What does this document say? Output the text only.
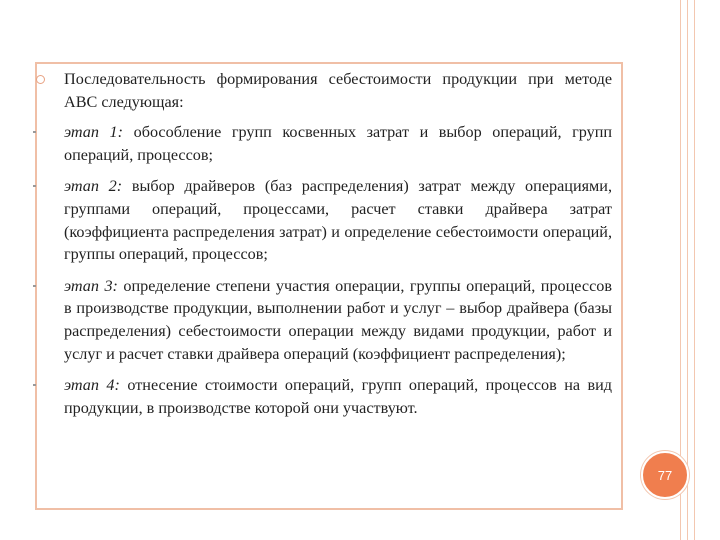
Последовательность формирования себестоимости продукции при методе АВС следующая:

этап 1: обособление групп косвенных затрат и выбор операций, групп операций, процессов;

этап 2: выбор драйверов (баз распределения) затрат между операциями, группами операций, процессами, расчет ставки драйвера затрат (коэффициента распределения затрат) и определение себестоимости операций, группы операций, процессов;

этап 3: определение степени участия операции, группы операций, процессов в производстве продукции, выполнении работ и услуг – выбор драйвера (базы распределения) себестоимости операции между видами продукции, работ и услуг и расчет ставки драйвера операций (коэффициент распределения);

этап 4: отнесение стоимости операций, групп операций, процессов на вид продукции, в производстве которой они участвуют.

77
